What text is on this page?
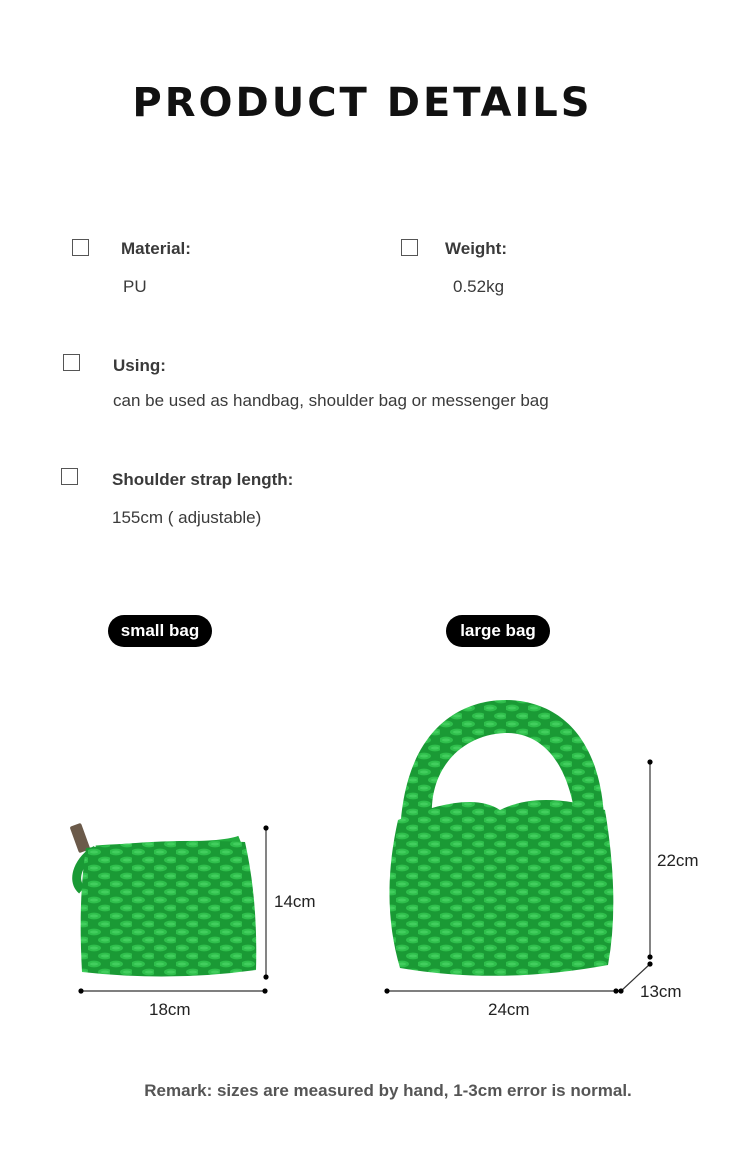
PRODUCT DETAILS
Material:
PU
Weight:
0.52kg
Using:
can be used as handbag, shoulder bag or messenger bag
Shoulder strap length:
155cm ( adjustable)
small bag	large bag
14cm
18cm
22cm
24cm
13cm
Remark: sizes are measured by hand, 1-3cm error is normal.
